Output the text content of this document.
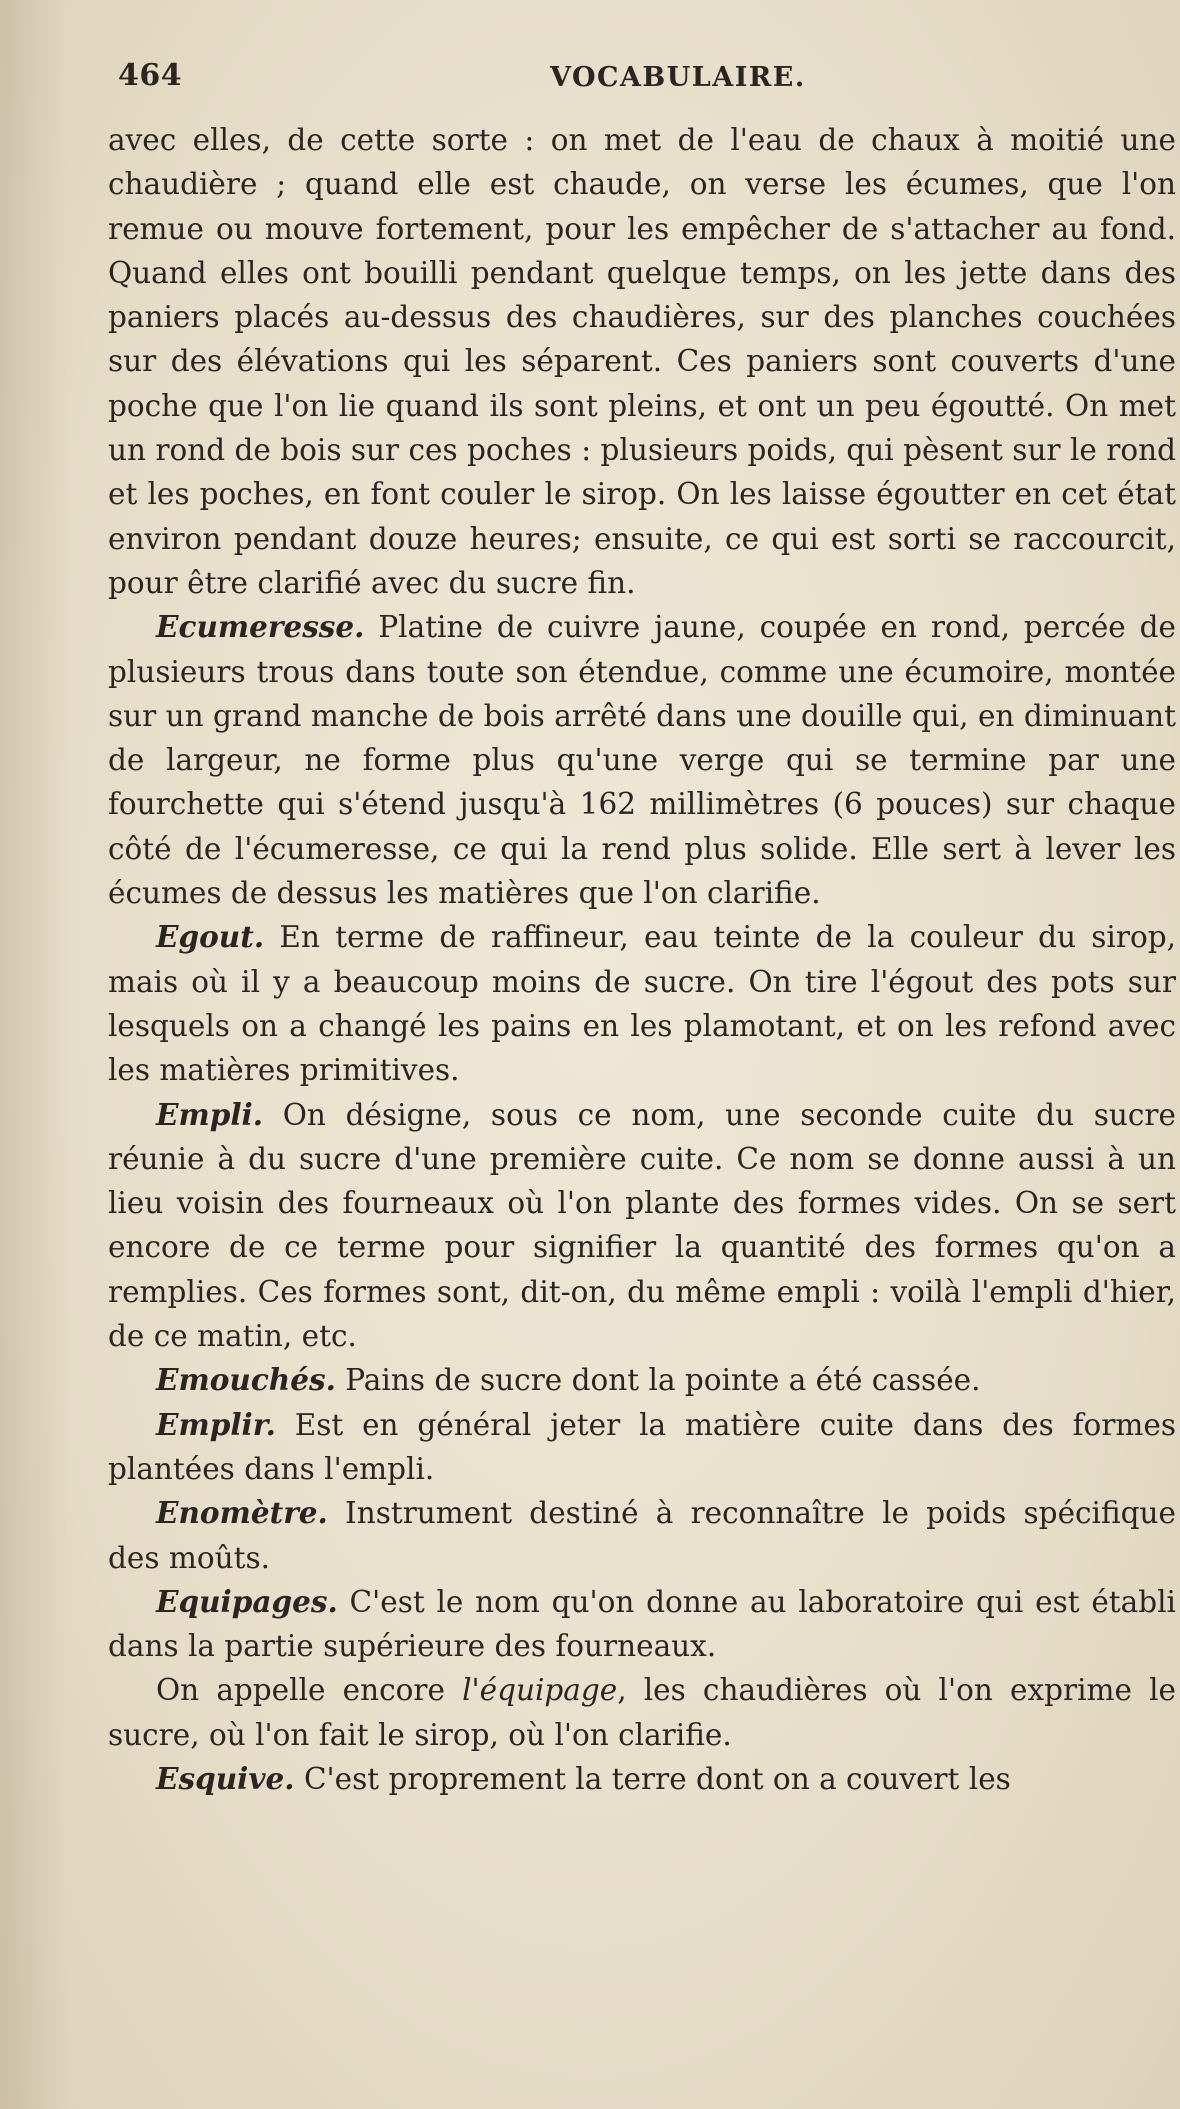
464	VOCABULAIRE.

avec elles, de cette sorte : on met de l'eau de chaux à moitié une chaudière ; quand elle est chaude, on verse les écumes, que l'on remue ou mouve fortement, pour les empêcher de s'attacher au fond. Quand elles ont bouilli pendant quelque temps, on les jette dans des paniers placés au-dessus des chaudières, sur des planches couchées sur des élévations qui les séparent. Ces paniers sont couverts d'une poche que l'on lie quand ils sont pleins, et ont un peu égoutté. On met un rond de bois sur ces poches : plusieurs poids, qui pèsent sur le rond et les poches, en font couler le sirop. On les laisse égoutter en cet état environ pendant douze heures; ensuite, ce qui est sorti se raccourcit, pour être clarifié avec du sucre fin.

Ecumeresse. Platine de cuivre jaune, coupée en rond, percée de plusieurs trous dans toute son étendue, comme une écumoire, montée sur un grand manche de bois arrêté dans une douille qui, en diminuant de largeur, ne forme plus qu'une verge qui se termine par une fourchette qui s'étend jusqu'à 162 millimètres (6 pouces) sur chaque côté de l'écumeresse, ce qui la rend plus solide. Elle sert à lever les écumes de dessus les matières que l'on clarifie.

Egout. En terme de raffineur, eau teinte de la couleur du sirop, mais où il y a beaucoup moins de sucre. On tire l'égout des pots sur lesquels on a changé les pains en les plamotant, et on les refond avec les matières primitives.

Empli. On désigne, sous ce nom, une seconde cuite du sucre réunie à du sucre d'une première cuite. Ce nom se donne aussi à un lieu voisin des fourneaux où l'on plante des formes vides. On se sert encore de ce terme pour signifier la quantité des formes qu'on a remplies. Ces formes sont, dit-on, du même empli : voilà l'empli d'hier, de ce matin, etc.

Emouchés. Pains de sucre dont la pointe a été cassée.

Emplir. Est en général jeter la matière cuite dans des formes plantées dans l'empli.

Enomètre. Instrument destiné à reconnaître le poids spécifique des moûts.

Equipages. C'est le nom qu'on donne au laboratoire qui est établi dans la partie supérieure des fourneaux.

On appelle encore l'équipage, les chaudières où l'on exprime le sucre, où l'on fait le sirop, où l'on clarifie.

Esquive. C'est proprement la terre dont on a couvert les
